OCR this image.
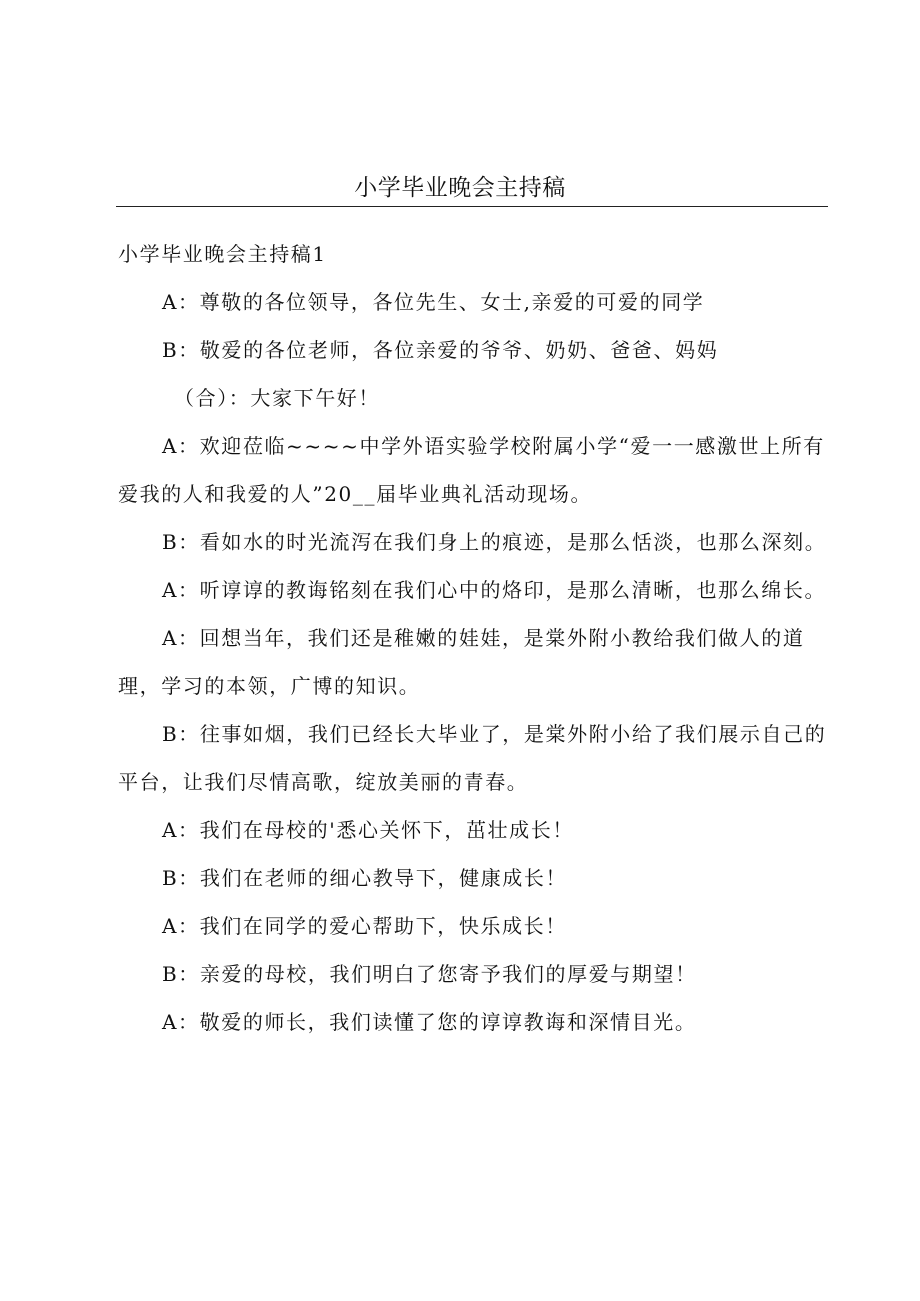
小学毕业晚会主持稿

小学毕业晚会主持稿1

A：尊敬的各位领导，各位先生、女士,亲爱的可爱的同学

B：敬爱的各位老师，各位亲爱的爷爷、奶奶、爸爸、妈妈

（合）：大家下午好！

A：欢迎莅临~~~~中学外语实验学校附属小学“爱一一感激世上所有爱我的人和我爱的人”20__届毕业典礼活动现场。

B：看如水的时光流泻在我们身上的痕迹，是那么恬淡，也那么深刻。

A：听谆谆的教诲铭刻在我们心中的烙印，是那么清晰，也那么绵长。

A：回想当年，我们还是稚嫩的娃娃，是棠外附小教给我们做人的道理，学习的本领，广博的知识。

B：往事如烟，我们已经长大毕业了，是棠外附小给了我们展示自己的平台，让我们尽情高歌，绽放美丽的青春。

A：我们在母校的'悉心关怀下，茁壮成长！

B：我们在老师的细心教导下，健康成长！

A：我们在同学的爱心帮助下，快乐成长！

B：亲爱的母校，我们明白了您寄予我们的厚爱与期望！

A：敬爱的师长，我们读懂了您的谆谆教诲和深情目光。
